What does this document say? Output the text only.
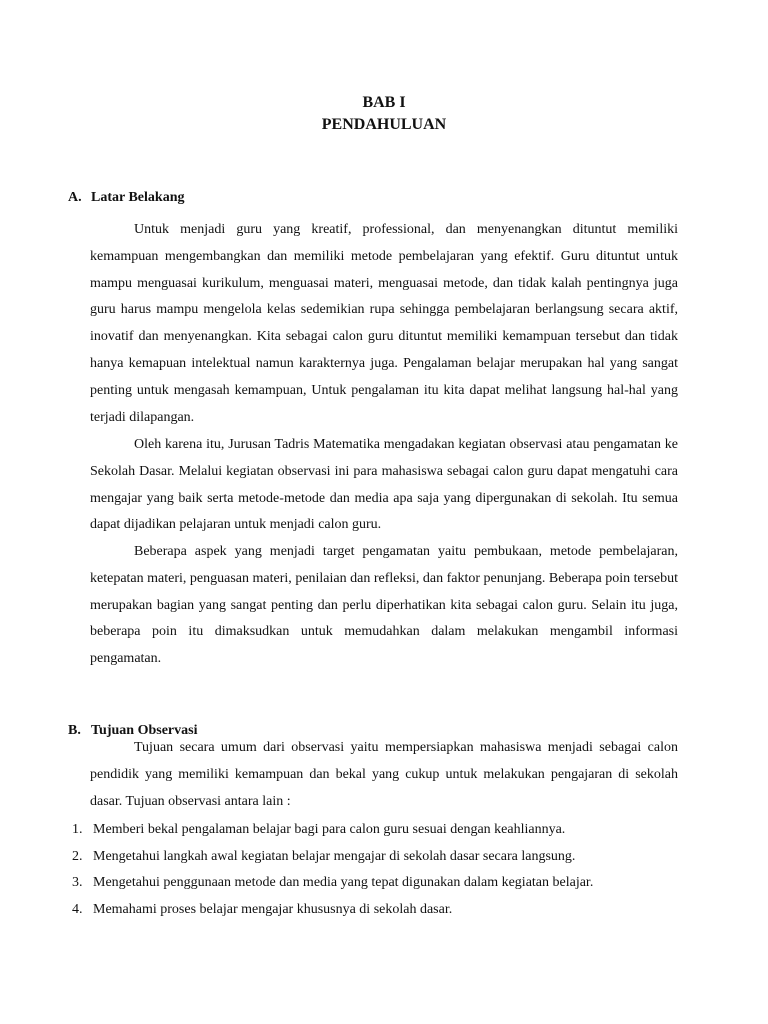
BAB I
PENDAHULUAN
A. Latar Belakang

Untuk menjadi guru yang kreatif, professional, dan menyenangkan dituntut memiliki kemampuan mengembangkan dan memiliki metode pembelajaran yang efektif. Guru dituntut untuk mampu menguasai kurikulum, menguasai materi, menguasai metode, dan tidak kalah pentingnya juga guru harus mampu mengelola kelas sedemikian rupa sehingga pembelajaran berlangsung secara aktif, inovatif dan menyenangkan. Kita sebagai calon guru dituntut memiliki kemampuan tersebut dan tidak hanya kemapuan intelektual namun karakternya juga. Pengalaman belajar merupakan hal yang sangat penting untuk mengasah kemampuan, Untuk pengalaman itu kita dapat melihat langsung hal-hal yang terjadi dilapangan.

Oleh karena itu, Jurusan Tadris Matematika mengadakan kegiatan observasi atau pengamatan ke Sekolah Dasar. Melalui kegiatan observasi ini para mahasiswa sebagai calon guru dapat mengatuhi cara mengajar yang baik serta metode-metode dan media apa saja yang dipergunakan di sekolah. Itu semua dapat dijadikan pelajaran untuk menjadi calon guru.

Beberapa aspek yang menjadi target pengamatan yaitu pembukaan, metode pembelajaran, ketepatan materi, penguasan materi, penilaian dan refleksi, dan faktor penunjang. Beberapa poin tersebut merupakan bagian yang sangat penting dan perlu diperhatikan kita sebagai calon guru. Selain itu juga, beberapa poin itu dimaksudkan untuk memudahkan dalam melakukan mengambil informasi pengamatan.

B. Tujuan Observasi

Tujuan secara umum dari observasi yaitu mempersiapkan mahasiswa menjadi sebagai calon pendidik yang memiliki kemampuan dan bekal yang cukup untuk melakukan pengajaran di sekolah dasar. Tujuan observasi antara lain :

1. Memberi bekal pengalaman belajar bagi para calon guru sesuai dengan keahliannya.
2. Mengetahui langkah awal kegiatan belajar mengajar di sekolah dasar secara langsung.
3. Mengetahui penggunaan metode dan media yang tepat digunakan dalam kegiatan belajar.
4. Memahami proses belajar mengajar khususnya di sekolah dasar.
